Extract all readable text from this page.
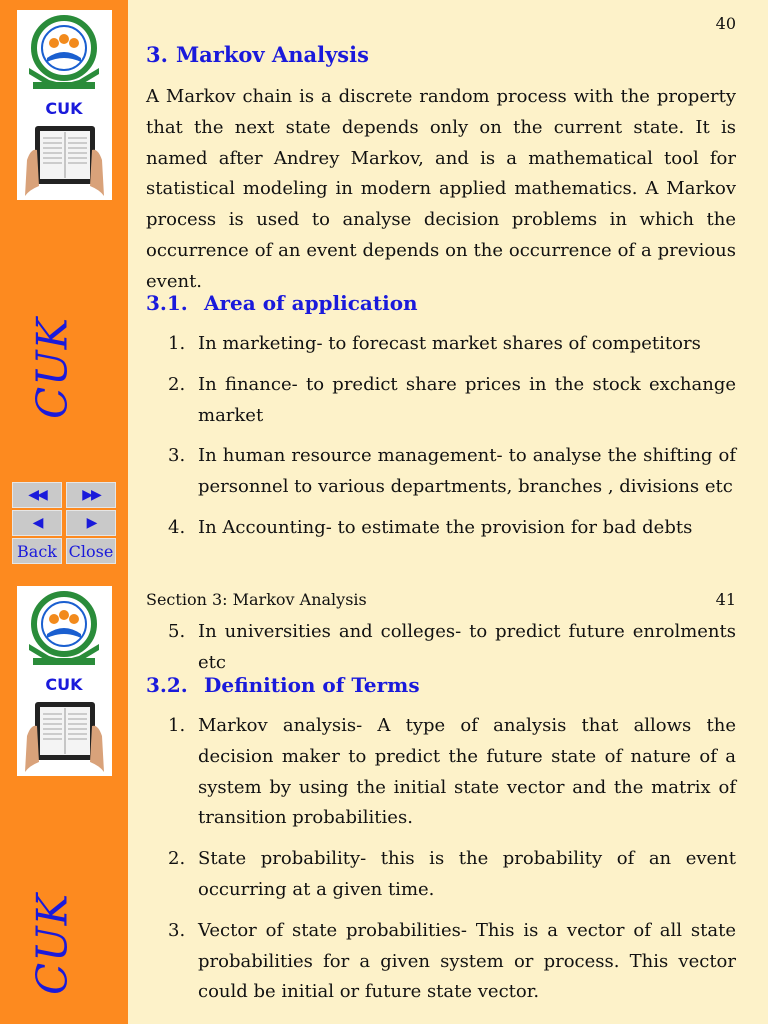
CUK
CUK
◀◀	▶▶
◀	▶
Back Close
40
3. Markov Analysis

A Markov chain is a discrete random process with the property that the next state depends only on the current state. It is named after Andrey Markov, and is a mathematical tool for statistical modeling in modern applied mathematics. A Markov process is used to analyse decision problems in which the occurrence of an event depends on the occurrence of a previous event.

3.1. Area of application
1. In marketing- to forecast market shares of competitors
2. In finance- to predict share prices in the stock exchange market
3. In human resource management- to analyse the shifting of personnel to various departments, branches , divisions etc
4. In Accounting- to estimate the provision for bad debts
CUK
CUK
Section 3: Markov Analysis	41
5. In universities and colleges- to predict future enrolments etc
3.2. Definition of Terms
1. Markov analysis- A type of analysis that allows the decision maker to predict the future state of nature of a system by using the initial state vector and the matrix of transition probabilities.
2. State probability- this is the probability of an event occurring at a given time.
3. Vector of state probabilities- This is a vector of all state probabilities for a given system or process. This vector could be initial or future state vector.
